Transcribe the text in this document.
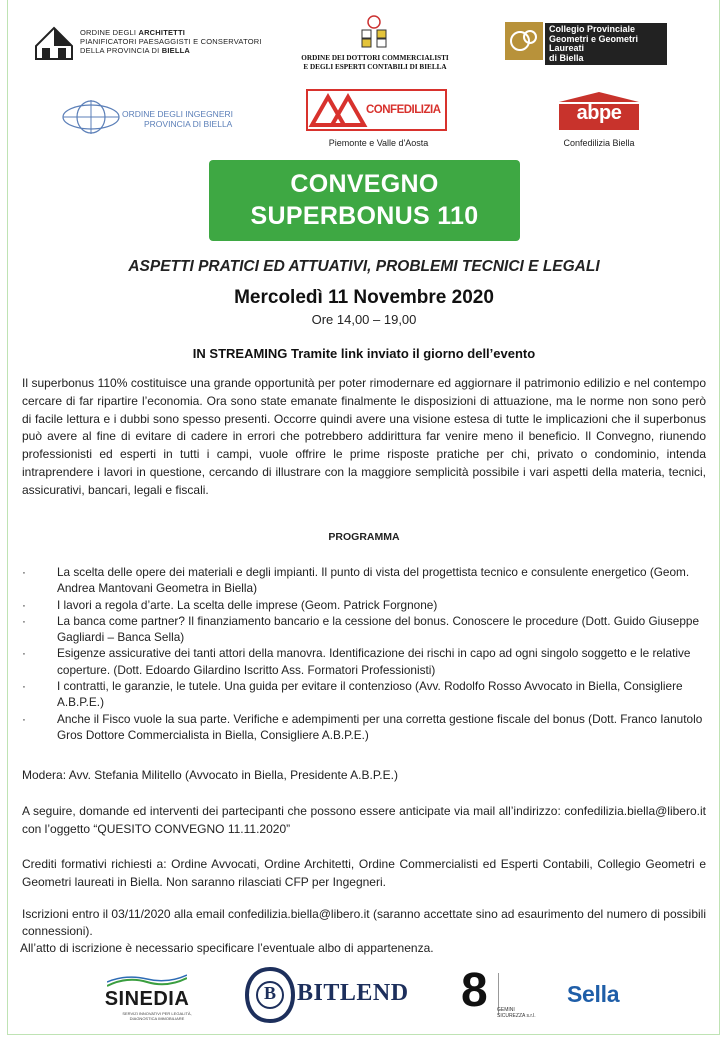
ORDINE DEGLI ARCHITETTI
PIANIFICATORI PAESAGGISTI E CONSERVATORI
DELLA PROVINCIA DI BIELLA
ORDINE DEI DOTTORI COMMERCIALISTI
E DEGLI ESPERTI CONTABILI DI BIELLA
Collegio Provinciale
Geometri e Geometri Laureati
di Biella
ORDINE DEGLI INGEGNERI
PROVINCIA DI BIELLA
CONFEDILIZIA
Piemonte e Valle d'Aosta
abpe
Confedilizia Biella
CONVEGNO
SUPERBONUS 110
ASPETTI PRATICI ED ATTUATIVI, PROBLEMI TECNICI E LEGALI
Mercoledì 11 Novembre 2020
Ore 14,00 – 19,00
IN STREAMING Tramite link inviato il giorno dell’evento
Il superbonus 110% costituisce una grande opportunità per poter rimodernare ed aggiornare il patrimonio edilizio e nel contempo cercare di far ripartire l’economia. Ora sono state emanate finalmente le disposizioni di attuazione, ma le norme non sono però di facile lettura e i dubbi sono spesso presenti. Occorre quindi avere una visione estesa di tutte le implicazioni che il superbonus può avere al fine di evitare di cadere in errori che potrebbero addirittura far venire meno il beneficio. Il Convegno, riunendo professionisti ed esperti in tutti i campi, vuole offrire le prime risposte pratiche per chi, privato o condominio, intenda intraprendere i lavori in questione, cercando di illustrare con la maggiore semplicità possibile i vari aspetti della materia, tecnici, assicurativi, bancari, legali e fiscali.
PROGRAMMA
·	La scelta delle opere dei materiali e degli impianti. Il punto di vista del progettista tecnico e consulente energetico (Geom. Andrea Mantovani Geometra in Biella)
·	I lavori a regola d’arte. La scelta delle imprese (Geom. Patrick Forgnone)
·	La banca come partner? Il finanziamento bancario e la cessione del bonus. Conoscere le procedure (Dott. Guido Giuseppe Gagliardi – Banca Sella)
·	Esigenze assicurative dei tanti attori della manovra. Identificazione dei rischi in capo ad ogni singolo soggetto e le relative coperture. (Dott. Edoardo Gilardino Iscritto Ass. Formatori Professionisti)
·	I contratti, le garanzie, le tutele. Una guida per evitare il contenzioso (Avv. Rodolfo Rosso Avvocato in Biella, Consigliere A.B.P.E.)
·	Anche il Fisco vuole la sua parte. Verifiche e adempimenti per una corretta gestione fiscale del bonus (Dott. Franco Ianutolo Gros Dottore Commercialista in Biella, Consigliere A.B.P.E.)
Modera: Avv. Stefania Militello (Avvocato in Biella, Presidente A.B.P.E.)
A seguire, domande ed interventi dei partecipanti che possono essere anticipate via mail all’indirizzo: confedilizia.biella@libero.it con l’oggetto “QUESITO CONVEGNO 11.11.2020”
Crediti formativi richiesti a: Ordine Avvocati, Ordine Architetti, Ordine Commercialisti ed Esperti Contabili, Collegio Geometri e Geometri laureati in Biella. Non saranno rilasciati CFP per Ingegneri.
Iscrizioni entro il 03/11/2020 alla email confedilizia.biella@libero.it (saranno accettate sino ad esaurimento del numero di possibili connessioni).
All’atto di iscrizione è necessario specificare l’eventuale albo di appartenenza.
SINEDIA
SERVIZI INNOVATIVI PER LEGALITÀ, DIAGNOSTICA IMMOBILIARE
B BITLEND 8 GEMINI SICUREZZA s.r.l.
Sella
